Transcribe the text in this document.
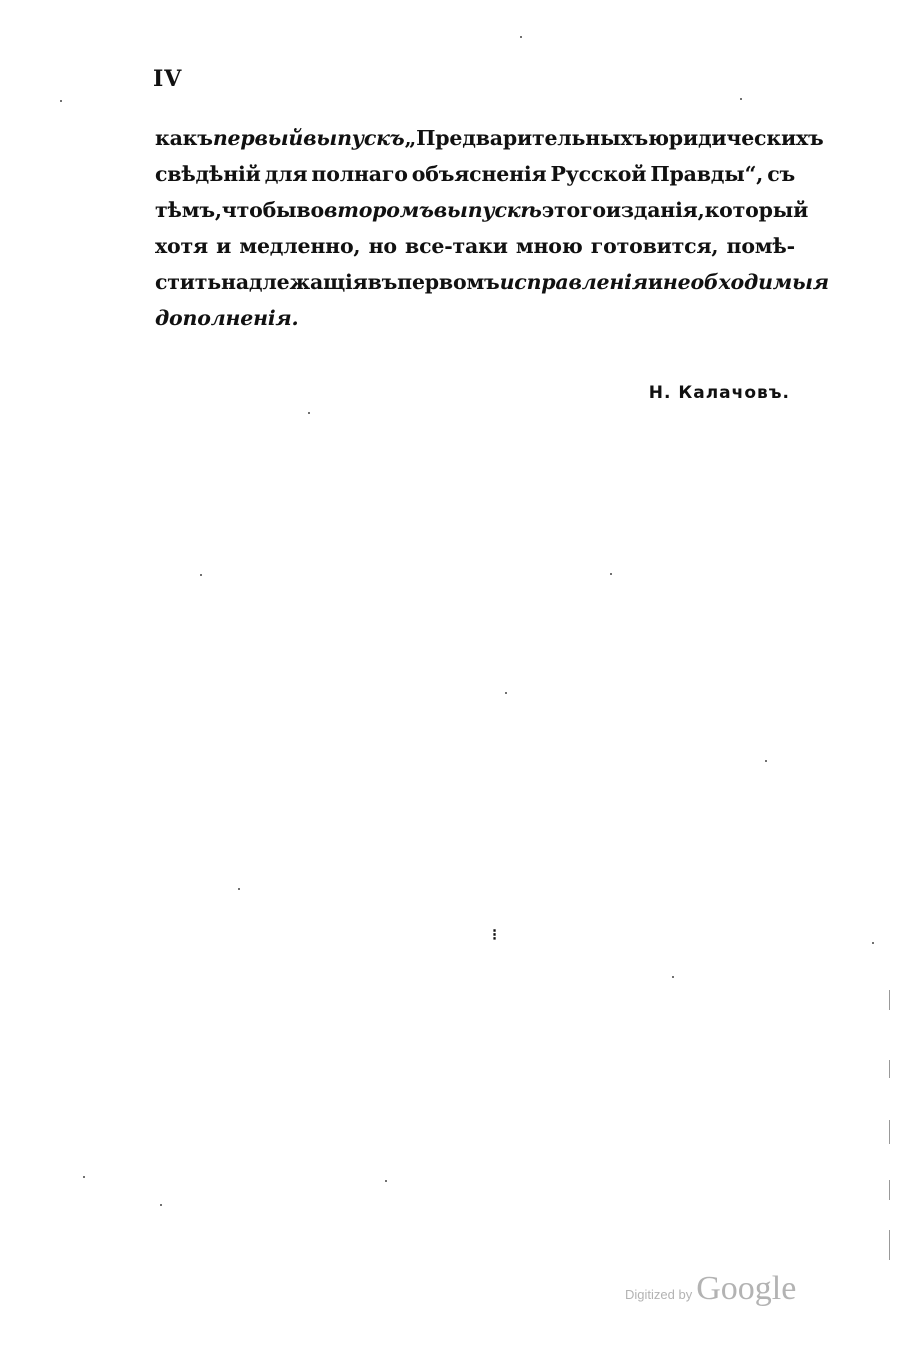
IV
какъ первый выпускъ „Предварительныхъ юридическихъ
свѣдѣній для полнаго объясненія Русской Правды“, съ
тѣмъ, чтобы во второмъ выпускѣ этого изданія, который
хотя и медленно, но все-таки мною готовится, помѣ-
стить надлежащія въ первомъ исправленія и необходимыя
дополненія.
Н. Калачовъ.
⁝
Digitized by Google
